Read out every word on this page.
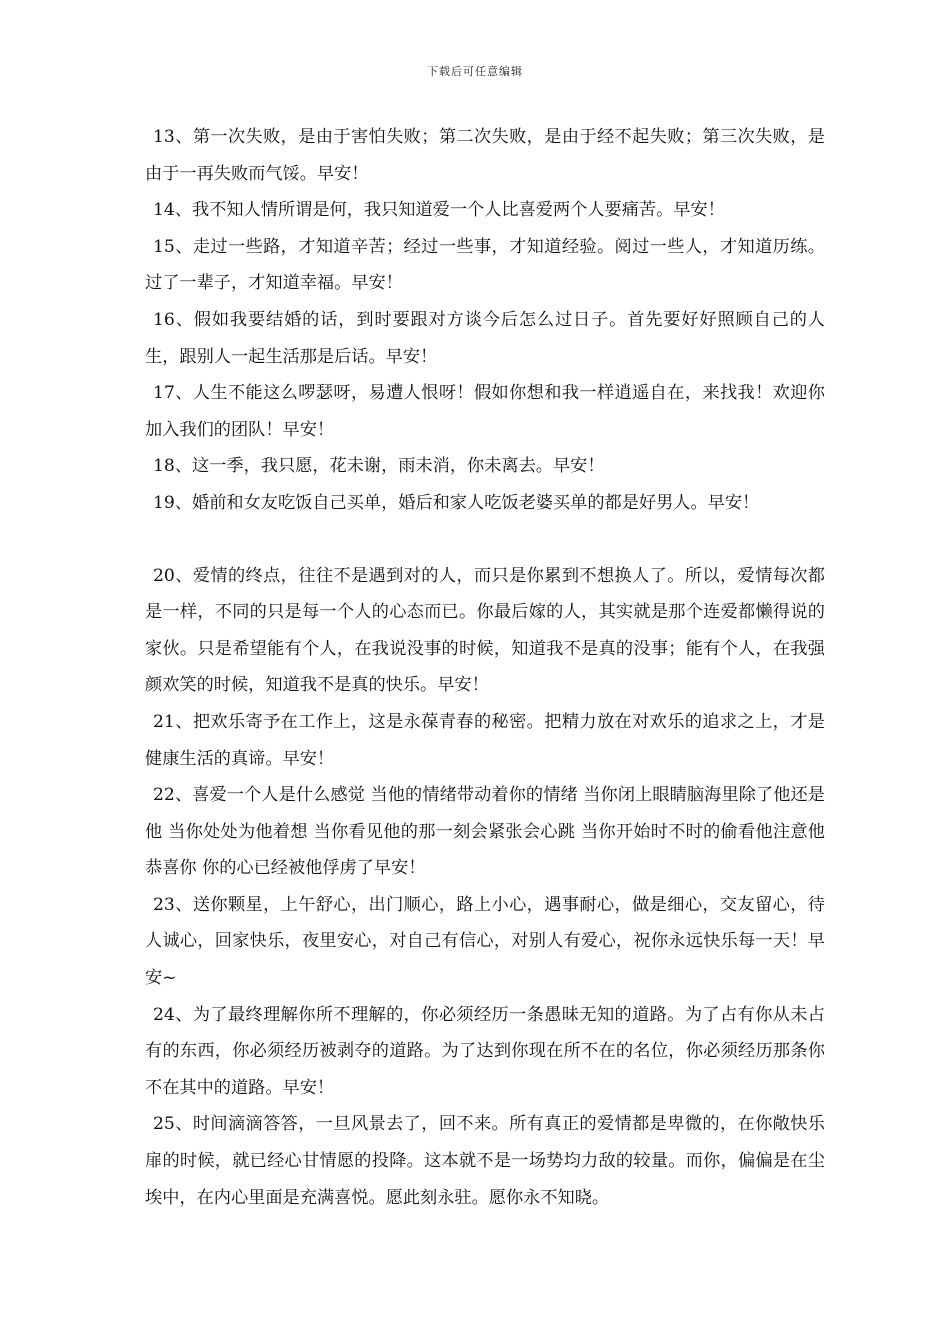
下载后可任意编辑

13、第一次失败，是由于害怕失败；第二次失败，是由于经不起失败；第三次失败，是由于一再失败而气馁。早安！

14、我不知人情所谓是何，我只知道爱一个人比喜爱两个人要痛苦。早安！

15、走过一些路，才知道辛苦；经过一些事，才知道经验。阅过一些人，才知道历练。过了一辈子，才知道幸福。早安！

16、假如我要结婚的话，到时要跟对方谈今后怎么过日子。首先要好好照顾自己的人生，跟别人一起生活那是后话。早安！

17、人生不能这么啰瑟呀，易遭人恨呀！假如你想和我一样逍遥自在，来找我！欢迎你加入我们的团队！早安！

18、这一季，我只愿，花未谢，雨未消，你未离去。早安！

19、婚前和女友吃饭自己买单，婚后和家人吃饭老婆买单的都是好男人。早安！

20、爱情的终点，往往不是遇到对的人，而只是你累到不想换人了。所以，爱情每次都是一样，不同的只是每一个人的心态而已。你最后嫁的人，其实就是那个连爱都懒得说的家伙。只是希望能有个人，在我说没事的时候，知道我不是真的没事；能有个人，在我强颜欢笑的时候，知道我不是真的快乐。早安！

21、把欢乐寄予在工作上，这是永葆青春的秘密。把精力放在对欢乐的追求之上，才是健康生活的真谛。早安！

22、喜爱一个人是什么感觉 当他的情绪带动着你的情绪 当你闭上眼睛脑海里除了他还是他 当你处处为他着想 当你看见他的那一刻会紧张会心跳 当你开始时不时的偷看他注意他 恭喜你 你的心已经被他俘虏了早安！

23、送你颗星，上午舒心，出门顺心，路上小心，遇事耐心，做是细心，交友留心，待人诚心，回家快乐，夜里安心，对自己有信心，对别人有爱心，祝你永远快乐每一天！早安~

24、为了最终理解你所不理解的，你必须经历一条愚昧无知的道路。为了占有你从未占有的东西，你必须经历被剥夺的道路。为了达到你现在所不在的名位，你必须经历那条你不在其中的道路。早安！

25、时间滴滴答答，一旦风景去了，回不来。所有真正的爱情都是卑微的，在你敞快乐扉的时候，就已经心甘情愿的投降。这本就不是一场势均力敌的较量。而你，偏偏是在尘埃中，在内心里面是充满喜悦。愿此刻永驻。愿你永不知晓。
